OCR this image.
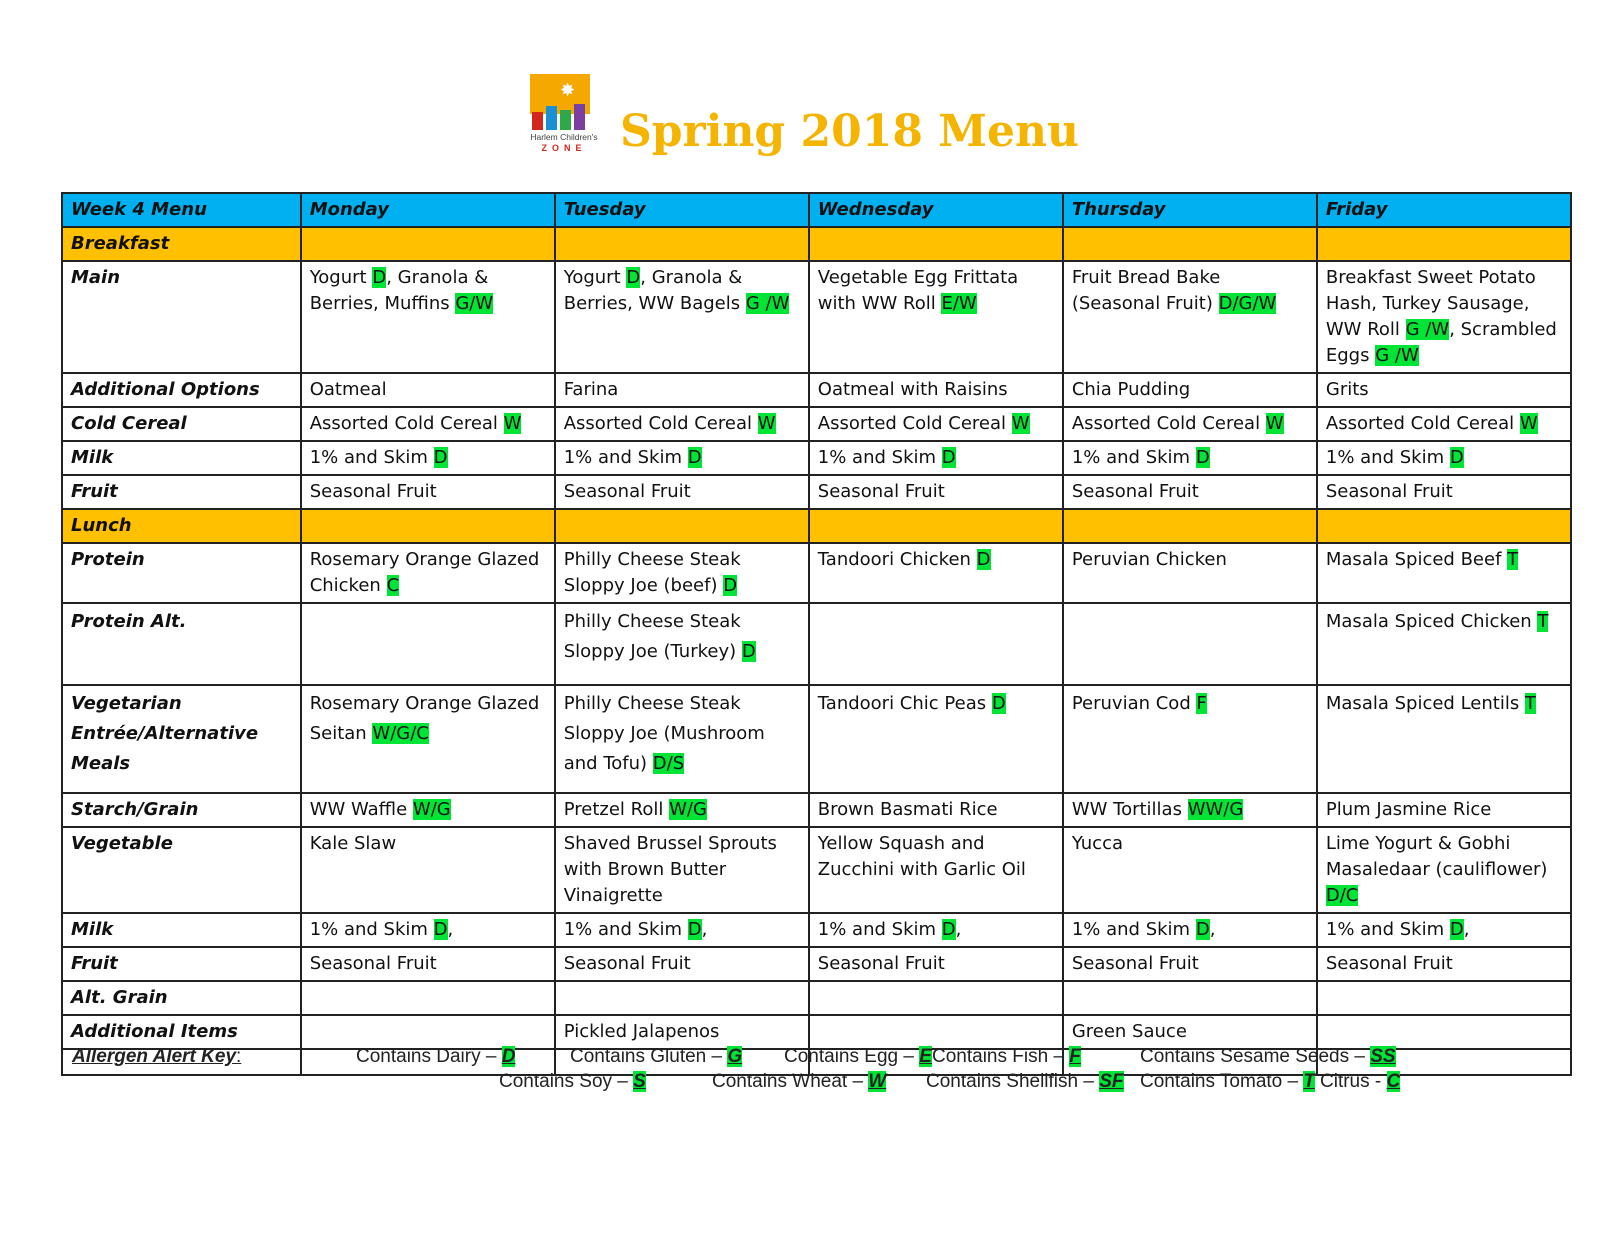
✸
Harlem Children's
ZONE Spring 2018 Menu
Week 4 Menu	Monday	Tuesday	Wednesday	Thursday	Friday
Breakfast					
Main	Yogurt D, Granola & Berries, Muffins G/W	Yogurt D, Granola & Berries, WW Bagels G /W	Vegetable Egg Frittata with WW Roll E/W	Fruit Bread Bake (Seasonal Fruit) D/G/W	Breakfast Sweet Potato Hash, Turkey Sausage, WW Roll G /W, Scrambled Eggs G /W
Additional Options	Oatmeal	Farina	Oatmeal with Raisins	Chia Pudding	Grits
Cold Cereal	Assorted Cold Cereal W	Assorted Cold Cereal W	Assorted Cold Cereal W	Assorted Cold Cereal W	Assorted Cold Cereal W
Milk	1% and Skim D	1% and Skim D	1% and Skim D	1% and Skim D	1% and Skim D
Fruit	Seasonal Fruit	Seasonal Fruit	Seasonal Fruit	Seasonal Fruit	Seasonal Fruit
Lunch					
Protein	Rosemary Orange Glazed Chicken C	Philly Cheese Steak Sloppy Joe (beef) D	Tandoori Chicken D	Peruvian Chicken	Masala Spiced Beef T
Protein Alt.		Philly Cheese Steak Sloppy Joe (Turkey) D			Masala Spiced Chicken T
Vegetarian Entrée/Alternative Meals	Rosemary Orange Glazed Seitan W/G/C	Philly Cheese Steak Sloppy Joe (Mushroom and Tofu) D/S	Tandoori Chic Peas D	Peruvian Cod F	Masala Spiced Lentils T
Starch/Grain	WW Waffle W/G	Pretzel Roll W/G	Brown Basmati Rice	WW Tortillas WW/G	Plum Jasmine Rice
Vegetable	Kale Slaw	Shaved Brussel Sprouts with Brown Butter Vinaigrette	Yellow Squash and Zucchini with Garlic Oil	Yucca	Lime Yogurt & Gobhi Masaledaar (cauliflower) D/C
Milk	1% and Skim D,	1% and Skim D,	1% and Skim D,	1% and Skim D,	1% and Skim D,
Fruit	Seasonal Fruit	Seasonal Fruit	Seasonal Fruit	Seasonal Fruit	Seasonal Fruit
Alt. Grain					
Additional Items		Pickled Jalapenos		Green Sauce	

Allergen Alert Key:	Contains Dairy – D	Contains Gluten – G Contains Egg – E Contains Fish – F	Contains Sesame Seeds – SS
Contains Soy – S	Contains Wheat – W Contains Shellfish – SF Contains Tomato – T Citrus - C
